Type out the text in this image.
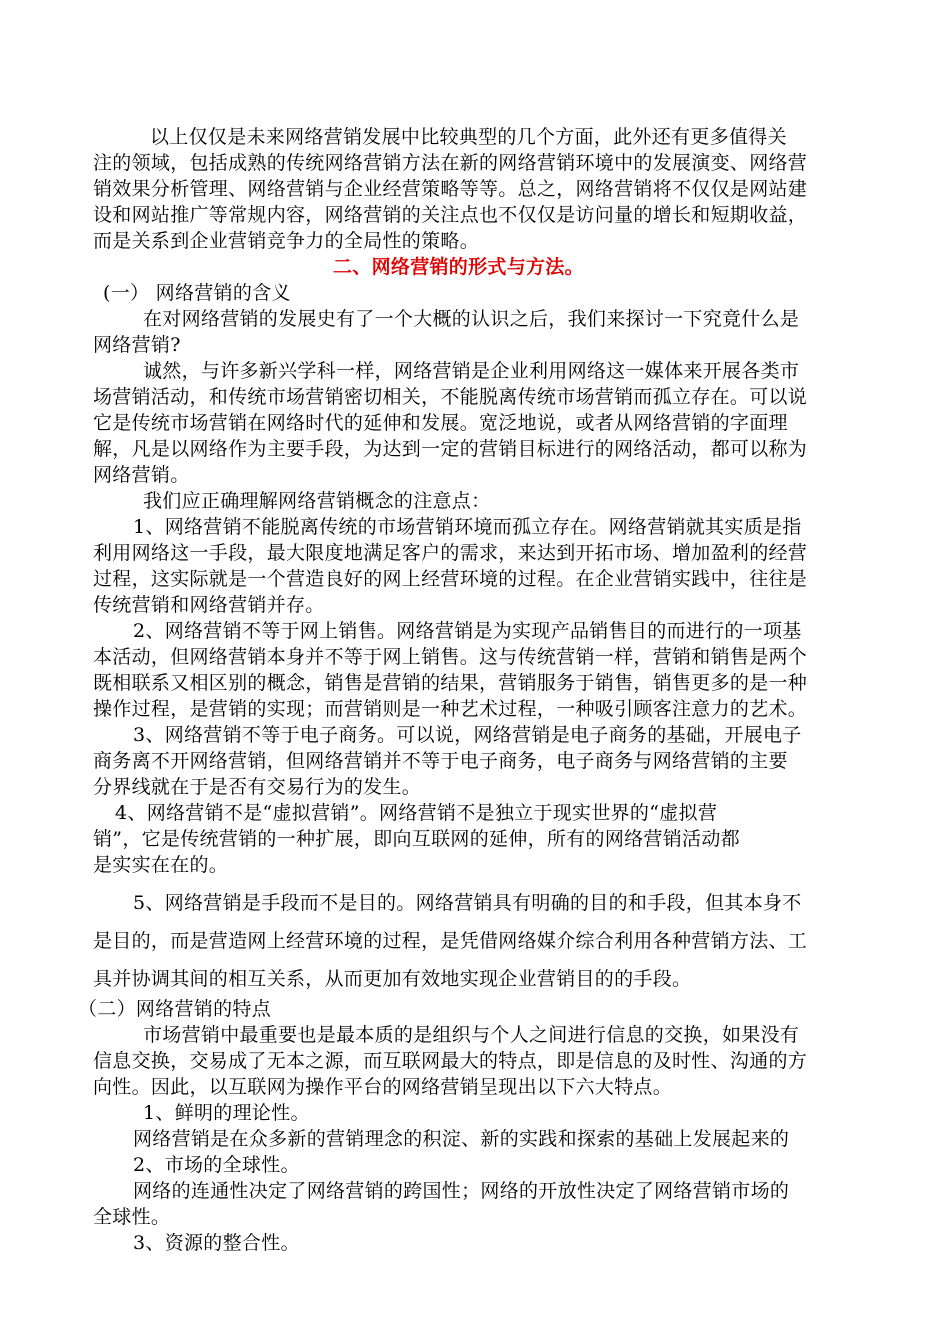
以上仅仅是未来网络营销发展中比较典型的几个方面，此外还有更多值得关
注的领域，包括成熟的传统网络营销方法在新的网络营销环境中的发展演变、网络营
销效果分析管理、网络营销与企业经营策略等等。总之，网络营销将不仅仅是网站建
设和网站推广等常规内容，网络营销的关注点也不仅仅是访问量的增长和短期收益，
而是关系到企业营销竞争力的全局性的策略。
二、网络营销的形式与方法。
(一） 网络营销的含义
在对网络营销的发展史有了一个大概的认识之后，我们来探讨一下究竟什么是
网络营销?
诚然，与许多新兴学科一样，网络营销是企业利用网络这一媒体来开展各类市
场营销活动，和传统市场营销密切相关，不能脱离传统市场营销而孤立存在。可以说
它是传统市场营销在网络时代的延伸和发展。宽泛地说，或者从网络营销的字面理
解，凡是以网络作为主要手段，为达到一定的营销目标进行的网络活动，都可以称为
网络营销。
我们应正确理解网络营销概念的注意点：
1、网络营销不能脱离传统的市场营销环境而孤立存在。网络营销就其实质是指
利用网络这一手段，最大限度地满足客户的需求，来达到开拓市场、增加盈利的经营
过程，这实际就是一个营造良好的网上经营环境的过程。在企业营销实践中，往往是
传统营销和网络营销并存。
2、网络营销不等于网上销售。网络营销是为实现产品销售目的而进行的一项基
本活动，但网络营销本身并不等于网上销售。这与传统营销一样，营销和销售是两个
既相联系又相区别的概念，销售是营销的结果，营销服务于销售，销售更多的是一种
操作过程，是营销的实现；而营销则是一种艺术过程，一种吸引顾客注意力的艺术。
3、网络营销不等于电子商务。可以说，网络营销是电子商务的基础，开展电子
商务离不开网络营销，但网络营销并不等于电子商务，电子商务与网络营销的主要
分界线就在于是否有交易行为的发生。
4、网络营销不是“虚拟营销”。网络营销不是独立于现实世界的“虚拟营
销”，它是传统营销的一种扩展，即向互联网的延伸，所有的网络营销活动都
是实实在在的。
5、网络营销是手段而不是目的。网络营销具有明确的目的和手段，但其本身不
是目的，而是营造网上经营环境的过程，是凭借网络媒介综合利用各种营销方法、工
具并协调其间的相互关系，从而更加有效地实现企业营销目的的手段。
（二）网络营销的特点
市场营销中最重要也是最本质的是组织与个人之间进行信息的交换，如果没有
信息交换，交易成了无本之源，而互联网最大的特点，即是信息的及时性、沟通的方
向性。因此，以互联网为操作平台的网络营销呈现出以下六大特点。
1、鲜明的理论性。
网络营销是在众多新的营销理念的积淀、新的实践和探索的基础上发展起来的
2、市场的全球性。
网络的连通性决定了网络营销的跨国性；网络的开放性决定了网络营销市场的
全球性。
3、资源的整合性。
